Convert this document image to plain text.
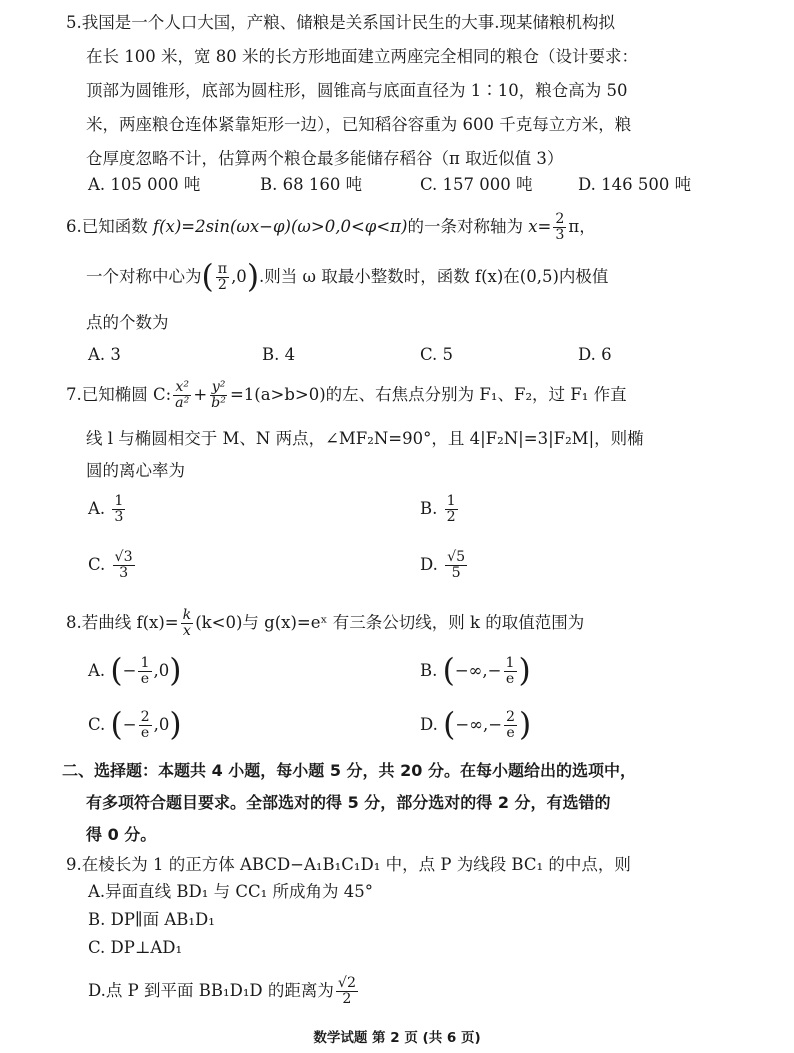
5.我国是一个人口大国，产粮、储粮是关系国计民生的大事.现某储粮机构拟
在长 100 米，宽 80 米的长方形地面建立两座完全相同的粮仓（设计要求：
顶部为圆锥形，底部为圆柱形，圆锥高与底面直径为 1∶10，粮仓高为 50
米，两座粮仓连体紧靠矩形一边），已知稻谷容重为 600 千克每立方米，粮
仓厚度忽略不计，估算两个粮仓最多能储存稻谷（π 取近似值 3）
A. 105 000 吨	B. 68 160 吨	C. 157 000 吨	D. 146 500 吨
6.已知函数 f(x)=2sin(ωx−φ)(ω>0,0<φ<π)的一条对称轴为 $x= \frac{2}{3}$ π，
一个对称中心为( $\frac{\pi}{2} ,0$).则当 ω 取最小整数时，函数 f(x)在(0,5)内极值
点的个数为
A. 3	B. 4	C. 5	D. 6
7.已知椭圆 C: $\frac{\text{x²}}{\text{a²}} + \frac{\text{y²}}{\text{b²}} =1(a>b>0)$的左、右焦点分别为 F₁、F₂，过 F₁ 作直
线 l 与椭圆相交于 M、N 两点，∠MF₂N=90°，且 4|F₂N|=3|F₂M|，则椭
圆的离心率为
A. $\frac{1}{3}$	B. $\frac{1}{2}$
C. $\frac{√3}{3}$	D. $\frac{√5}{5}$
8.若曲线 $f(x)= \frac{k}{x} (k<0)$与 g(x)=eˣ 有三条公切线，则 k 的取值范围为
A. (− $\frac{1}{e} ,0$)	B. (−∞,− $\frac{1}{e}$ )
C. (− $\frac{2}{e} ,0$)	D. (−∞,− $\frac{2}{e}$ )
二、选择题：本题共 4 小题，每小题 5 分，共 20 分。在每小题给出的选项中，
有多项符合题目要求。全部选对的得 5 分，部分选对的得 2 分，有选错的
得 0 分。
9.在棱长为 1 的正方体 ABCD−A₁B₁C₁D₁ 中，点 P 为线段 BC₁ 的中点，则
A.异面直线 BD₁ 与 CC₁ 所成角为 45°
B. DP∥面 AB₁D₁
C. DP⊥AD₁
D.点 P 到平面 BB₁D₁D 的距离为 $\frac{√2}{2}$
数学试题 第 2 页 (共 6 页)
